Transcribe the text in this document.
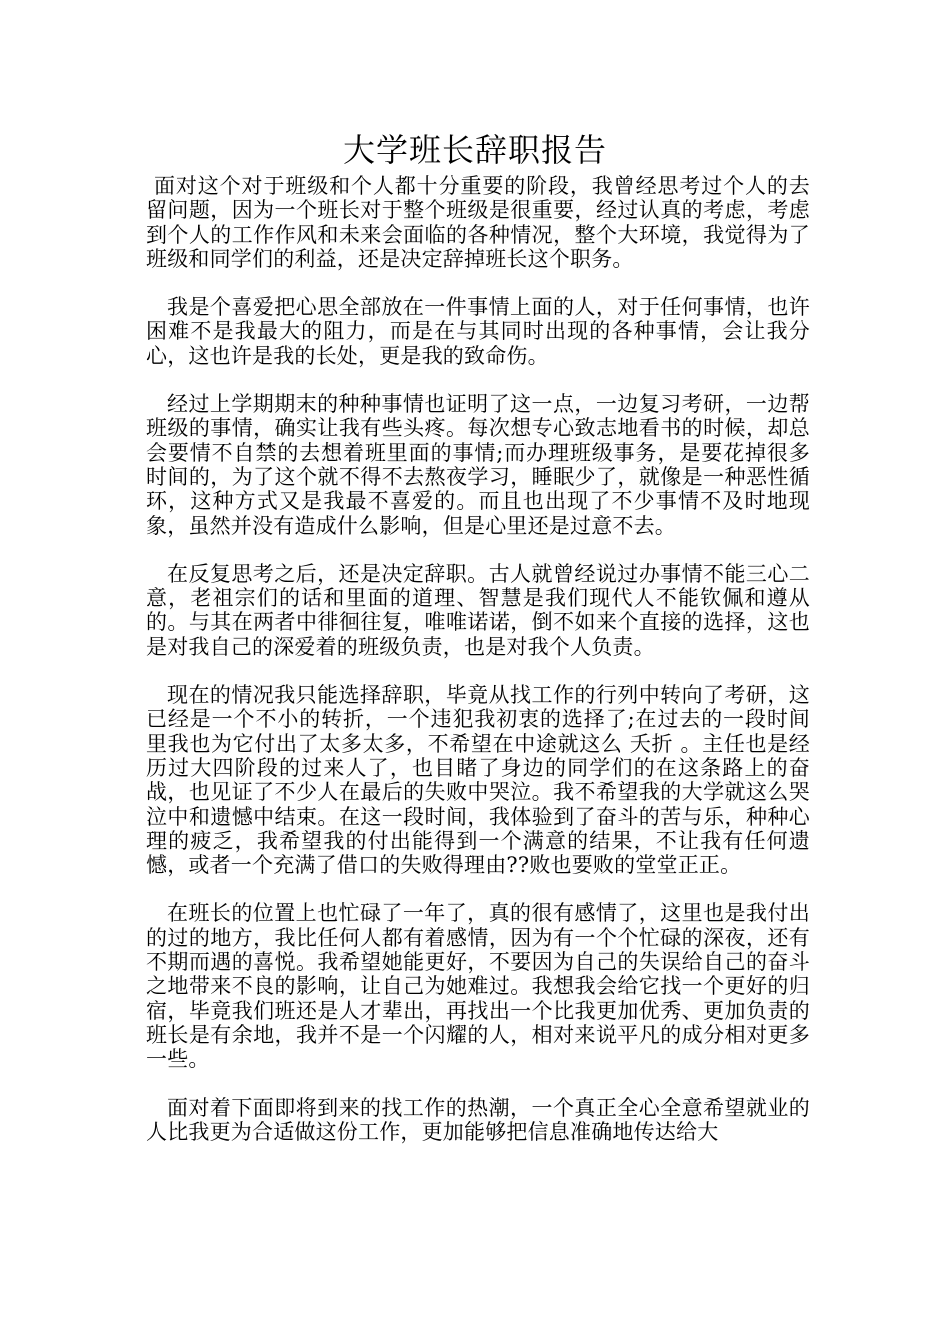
大学班长辞职报告

面对这个对于班级和个人都十分重要的阶段，我曾经思考过个人的去留问题，因为一个班长对于整个班级是很重要，经过认真的考虑，考虑到个人的工作作风和未来会面临的各种情况，整个大环境，我觉得为了班级和同学们的利益，还是决定辞掉班长这个职务。

我是个喜爱把心思全部放在一件事情上面的人，对于任何事情，也许困难不是我最大的阻力，而是在与其同时出现的各种事情，会让我分心，这也许是我的长处，更是我的致命伤。

经过上学期期末的种种事情也证明了这一点，一边复习考研，一边帮班级的事情，确实让我有些头疼。每次想专心致志地看书的时候，却总会要情不自禁的去想着班里面的事情;而办理班级事务，是要花掉很多时间的，为了这个就不得不去熬夜学习，睡眠少了，就像是一种恶性循环，这种方式又是我最不喜爱的。而且也出现了不少事情不及时地现象，虽然并没有造成什么影响，但是心里还是过意不去。

在反复思考之后，还是决定辞职。古人就曾经说过办事情不能三心二意，老祖宗们的话和里面的道理、智慧是我们现代人不能钦佩和遵从的。与其在两者中徘徊往复，唯唯诺诺，倒不如来个直接的选择，这也是对我自己的深爱着的班级负责，也是对我个人负责。

现在的情况我只能选择辞职，毕竟从找工作的行列中转向了考研，这已经是一个不小的转折，一个违犯我初衷的选择了;在过去的一段时间里我也为它付出了太多太多，不希望在中途就这么 夭折 。主任也是经历过大四阶段的过来人了，也目睹了身边的同学们的在这条路上的奋战，也见证了不少人在最后的失败中哭泣。我不希望我的大学就这么哭泣中和遗憾中结束。在这一段时间，我体验到了奋斗的苦与乐，种种心理的疲乏，我希望我的付出能得到一个满意的结果，不让我有任何遗憾，或者一个充满了借口的失败得理由??败也要败的堂堂正正。

在班长的位置上也忙碌了一年了，真的很有感情了，这里也是我付出的过的地方，我比任何人都有着感情，因为有一个个忙碌的深夜，还有不期而遇的喜悦。我希望她能更好，不要因为自己的失误给自己的奋斗之地带来不良的影响，让自己为她难过。我想我会给它找一个更好的归宿，毕竟我们班还是人才辈出，再找出一个比我更加优秀、更加负责的班长是有余地，我并不是一个闪耀的人，相对来说平凡的成分相对更多一些。

面对着下面即将到来的找工作的热潮，一个真正全心全意希望就业的人比我更为合适做这份工作，更加能够把信息准确地传达给大
